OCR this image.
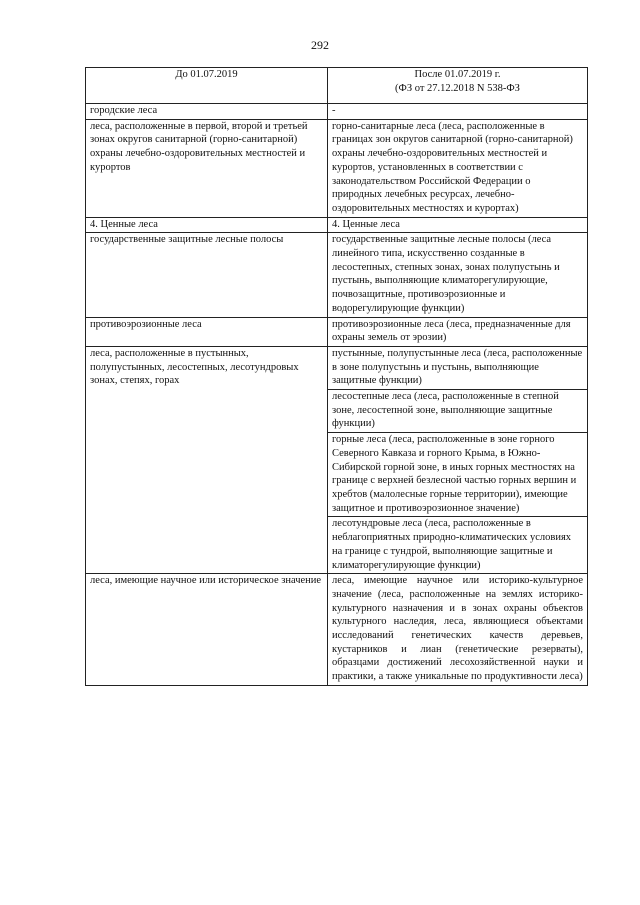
292
До 01.07.2019	После 01.07.2019 г.
(ФЗ от 27.12.2018 N 538-ФЗ

городские леса	-
леса, расположенные в первой, второй и третьей зонах округов санитарной (горно-санитарной) охраны лечебно-оздоровительных местностей и курортов	горно-санитарные леса (леса, расположенные в границах зон округов санитарной (горно-санитарной) охраны лечебно-оздоровительных местностей и курортов, установленных в соответствии с законодательством Российской Федерации о природных лечебных ресурсах, лечебно-оздоровительных местностях и курортах)
4. Ценные леса	4. Ценные леса
государственные защитные лесные полосы	государственные защитные лесные полосы (леса линейного типа, искусственно созданные в лесостепных, степных зонах, зонах полупустынь и пустынь, выполняющие климаторегулирующие, почвозащитные, противоэрозионные и водорегулирующие функции)
противоэрозионные леса	противоэрозионные леса (леса, предназначенные для охраны земель от эрозии)
леса, расположенные в пустынных, полупустынных, лесостепных, лесотундровых зонах, степях, горах	пустынные, полупустынные леса (леса, расположенные в зоне полупустынь и пустынь, выполняющие защитные функции)
	лесостепные леса (леса, расположенные в степной зоне, лесостепной зоне, выполняющие защитные функции)
	горные леса (леса, расположенные в зоне горного Северного Кавказа и горного Крыма, в Южно-Сибирской горной зоне, в иных горных местностях на границе с верхней безлесной частью горных вершин и хребтов (малолесные горные территории), имеющие защитное и противоэрозионное значение)
	лесотундровые леса (леса, расположенные в неблагоприятных природно-климатических условиях на границе с тундрой, выполняющие защитные и климаторегулирующие функции)
леса, имеющие научное или историческое значение	леса, имеющие научное или историко-культурное значение (леса, расположенные на землях историко-культурного назначения и в зонах охраны объектов культурного наследия, леса, являющиеся объектами исследований генетических качеств деревьев, кустарников и лиан (генетические резерваты), образцами достижений лесохозяйственной науки и практики, а также уникальные по продуктивности леса)
